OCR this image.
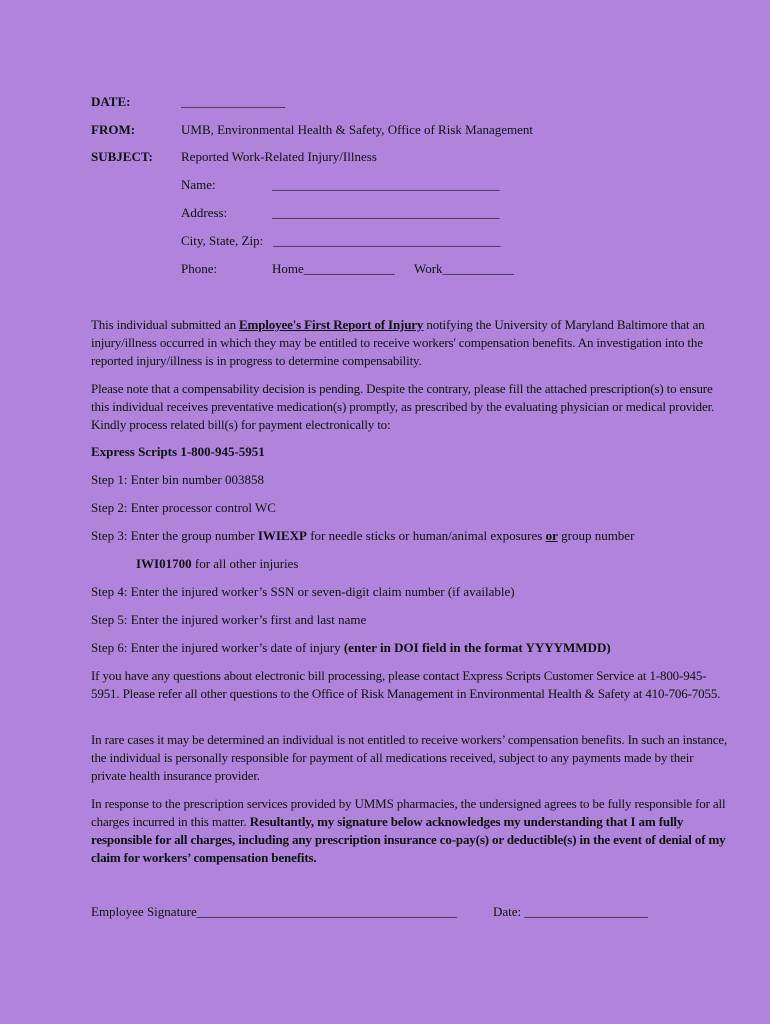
DATE:	________________
FROM:	UMB, Environmental Health & Safety, Office of Risk Management
SUBJECT: Reported Work-Related Injury/Illness
Name:	___________________________________
Address:	___________________________________
City, State, Zip: ___________________________________
Phone:	Home______________ Work___________
This individual submitted an Employee's First Report of Injury notifying the University of Maryland Baltimore that an injury/illness occurred in which they may be entitled to receive workers' compensation benefits. An investigation into the reported injury/illness is in progress to determine compensability.
Please note that a compensability decision is pending. Despite the contrary, please fill the attached prescription(s) to ensure this individual receives preventative medication(s) promptly, as prescribed by the evaluating physician or medical provider. Kindly process related bill(s) for payment electronically to:
Express Scripts 1-800-945-5951
Step 1: Enter bin number 003858
Step 2: Enter processor control WC
Step 3: Enter the group number IWIEXP for needle sticks or human/animal exposures or group number
IWI01700 for all other injuries
Step 4: Enter the injured worker’s SSN or seven-digit claim number (if available)
Step 5: Enter the injured worker’s first and last name
Step 6: Enter the injured worker’s date of injury (enter in DOI field in the format YYYYMMDD)
If you have any questions about electronic bill processing, please contact Express Scripts Customer Service at 1-800-945-5951. Please refer all other questions to the Office of Risk Management in Environmental Health & Safety at 410-706-7055.
In rare cases it may be determined an individual is not entitled to receive workers’ compensation benefits. In such an instance, the individual is personally responsible for payment of all medications received, subject to any payments made by their private health insurance provider.
In response to the prescription services provided by UMMS pharmacies, the undersigned agrees to be fully responsible for all charges incurred in this matter. Resultantly, my signature below acknowledges my understanding that I am fully responsible for all charges, including any prescription insurance co-pay(s) or deductible(s) in the event of denial of my claim for workers’ compensation benefits.
Employee Signature________________________________________	Date: ___________________
